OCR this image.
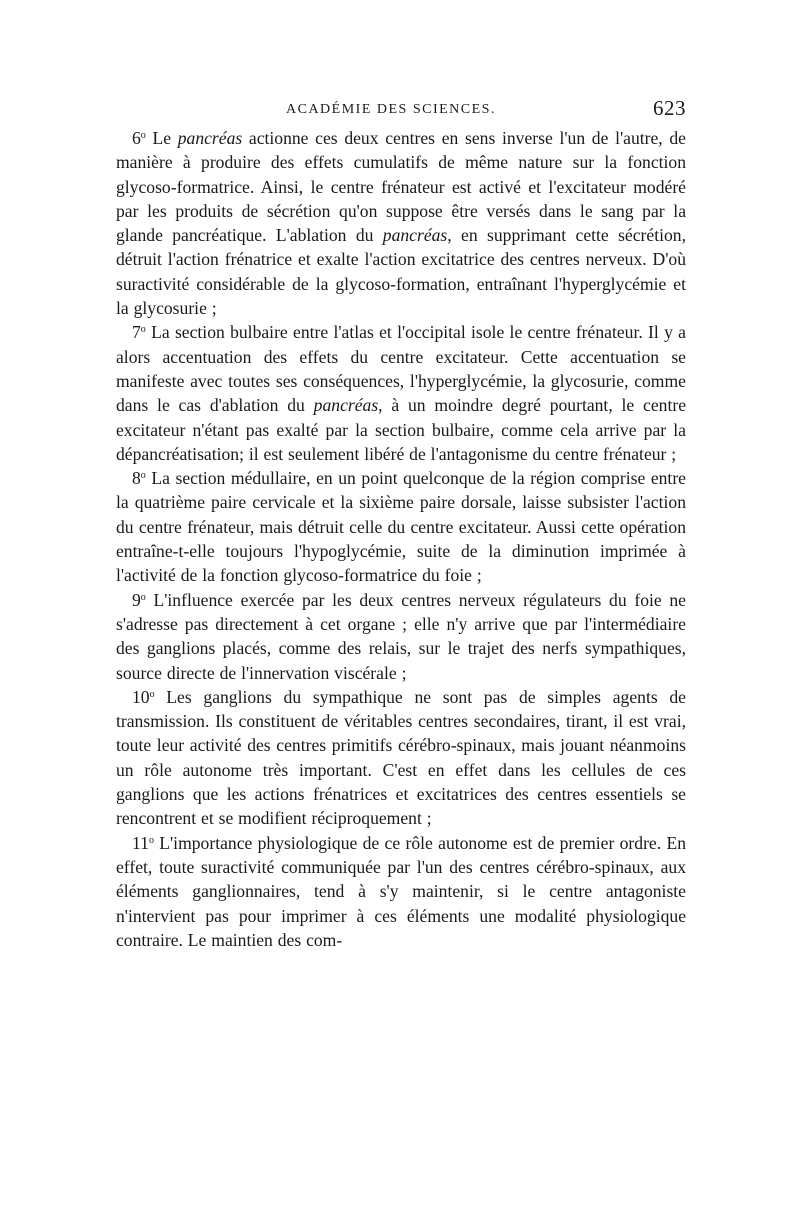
ACADÉMIE DES SCIENCES.	623

6$^o$ Le pancréas actionne ces deux centres en sens inverse l'un de l'autre, de manière à produire des effets cumulatifs de même nature sur la fonction glycoso-formatrice. Ainsi, le centre frénateur est activé et l'excitateur modéré par les produits de sécrétion qu'on suppose être versés dans le sang par la glande pancréatique. L'ablation du pancréas, en supprimant cette sécrétion, détruit l'action frénatrice et exalte l'action excitatrice des centres nerveux. D'où suractivité considérable de la glycoso-formation, entraînant l'hyperglycémie et la glycosurie ;

7$^o$ La section bulbaire entre l'atlas et l'occipital isole le centre frénateur. Il y a alors accentuation des effets du centre excitateur. Cette accentuation se manifeste avec toutes ses conséquences, l'hyperglycémie, la glycosurie, comme dans le cas d'ablation du pancréas, à un moindre degré pourtant, le centre excitateur n'étant pas exalté par la section bulbaire, comme cela arrive par la dépancréatisation; il est seulement libéré de l'antagonisme du centre frénateur ;

8$^o$ La section médullaire, en un point quelconque de la région comprise entre la quatrième paire cervicale et la sixième paire dorsale, laisse subsister l'action du centre frénateur, mais détruit celle du centre excitateur. Aussi cette opération entraîne-t-elle toujours l'hypoglycémie, suite de la diminution imprimée à l'activité de la fonction glycoso-formatrice du foie ;

9$^o$ L'influence exercée par les deux centres nerveux régulateurs du foie ne s'adresse pas directement à cet organe ; elle n'y arrive que par l'intermédiaire des ganglions placés, comme des relais, sur le trajet des nerfs sympathiques, source directe de l'innervation viscérale ;

10$^o$ Les ganglions du sympathique ne sont pas de simples agents de transmission. Ils constituent de véritables centres secondaires, tirant, il est vrai, toute leur activité des centres primitifs cérébro-spinaux, mais jouant néanmoins un rôle autonome très important. C'est en effet dans les cellules de ces ganglions que les actions frénatrices et excitatrices des centres essentiels se rencontrent et se modifient réciproquement ;

11$^o$ L'importance physiologique de ce rôle autonome est de premier ordre. En effet, toute suractivité communiquée par l'un des centres cérébro-spinaux, aux éléments ganglionnaires, tend à s'y maintenir, si le centre antagoniste n'intervient pas pour imprimer à ces éléments une modalité physiologique contraire. Le maintien des com-
